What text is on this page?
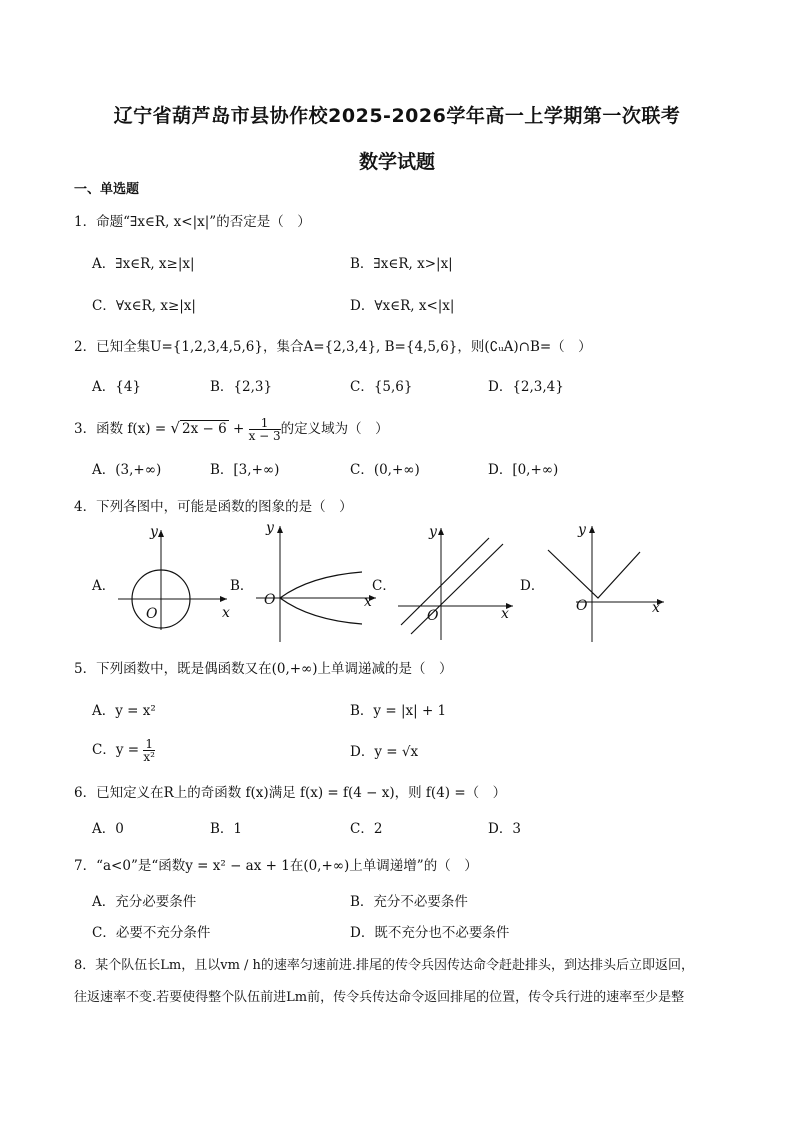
辽宁省葫芦岛市县协作校2025-2026学年高一上学期第一次联考
数学试题
一、单选题
1．命题“∃x∈R, x<|x|”的否定是（　）
A．∃x∈R, x≥|x|	B．∃x∈R, x>|x|
C．∀x∈R, x≥|x|	D．∀x∈R, x<|x|
2．已知全集U={1,2,3,4,5,6}，集合A={2,3,4}, B={4,5,6}，则(∁ᵤA)∩B=（　）
A．{4}	B．{2,3}	C．{5,6}	D．{2,3,4}
3．函数 f(x) = √ $2x - 6 + \frac{1}{x - 3}$ 的定义域为（　）
A．(3,+∞)	B．[3,+∞)	C．(0,+∞)	D．[0,+∞)
4．下列各图中，可能是函数的图象的是（　）
A．
y
x
O
B．
y
x
O
C．
y
x
O
D．
y
x
O
5．下列函数中，既是偶函数又在(0,+∞)上单调递减的是（　）
A．y = x²	B．y = |x| + 1
C．$y = \frac{1}{\text{x²}}$	D．y = √x
6．已知定义在R上的奇函数 f(x)满足 f(x) = f(4 − x)，则 f(4) =（　）
A．0	B．1	C．2	D．3
7．“a<0”是“函数y = x² − ax + 1在(0,+∞)上单调递增”的（　）
A．充分必要条件	B．充分不必要条件
C．必要不充分条件	D．既不充分也不必要条件
8．某个队伍长Lm，且以vm / h的速率匀速前进.排尾的传令兵因传达命令赶赴排头，到达排头后立即返回，
往返速率不变.若要使得整个队伍前进Lm前，传令兵传达命令返回排尾的位置，传令兵行进的速率至少是整
